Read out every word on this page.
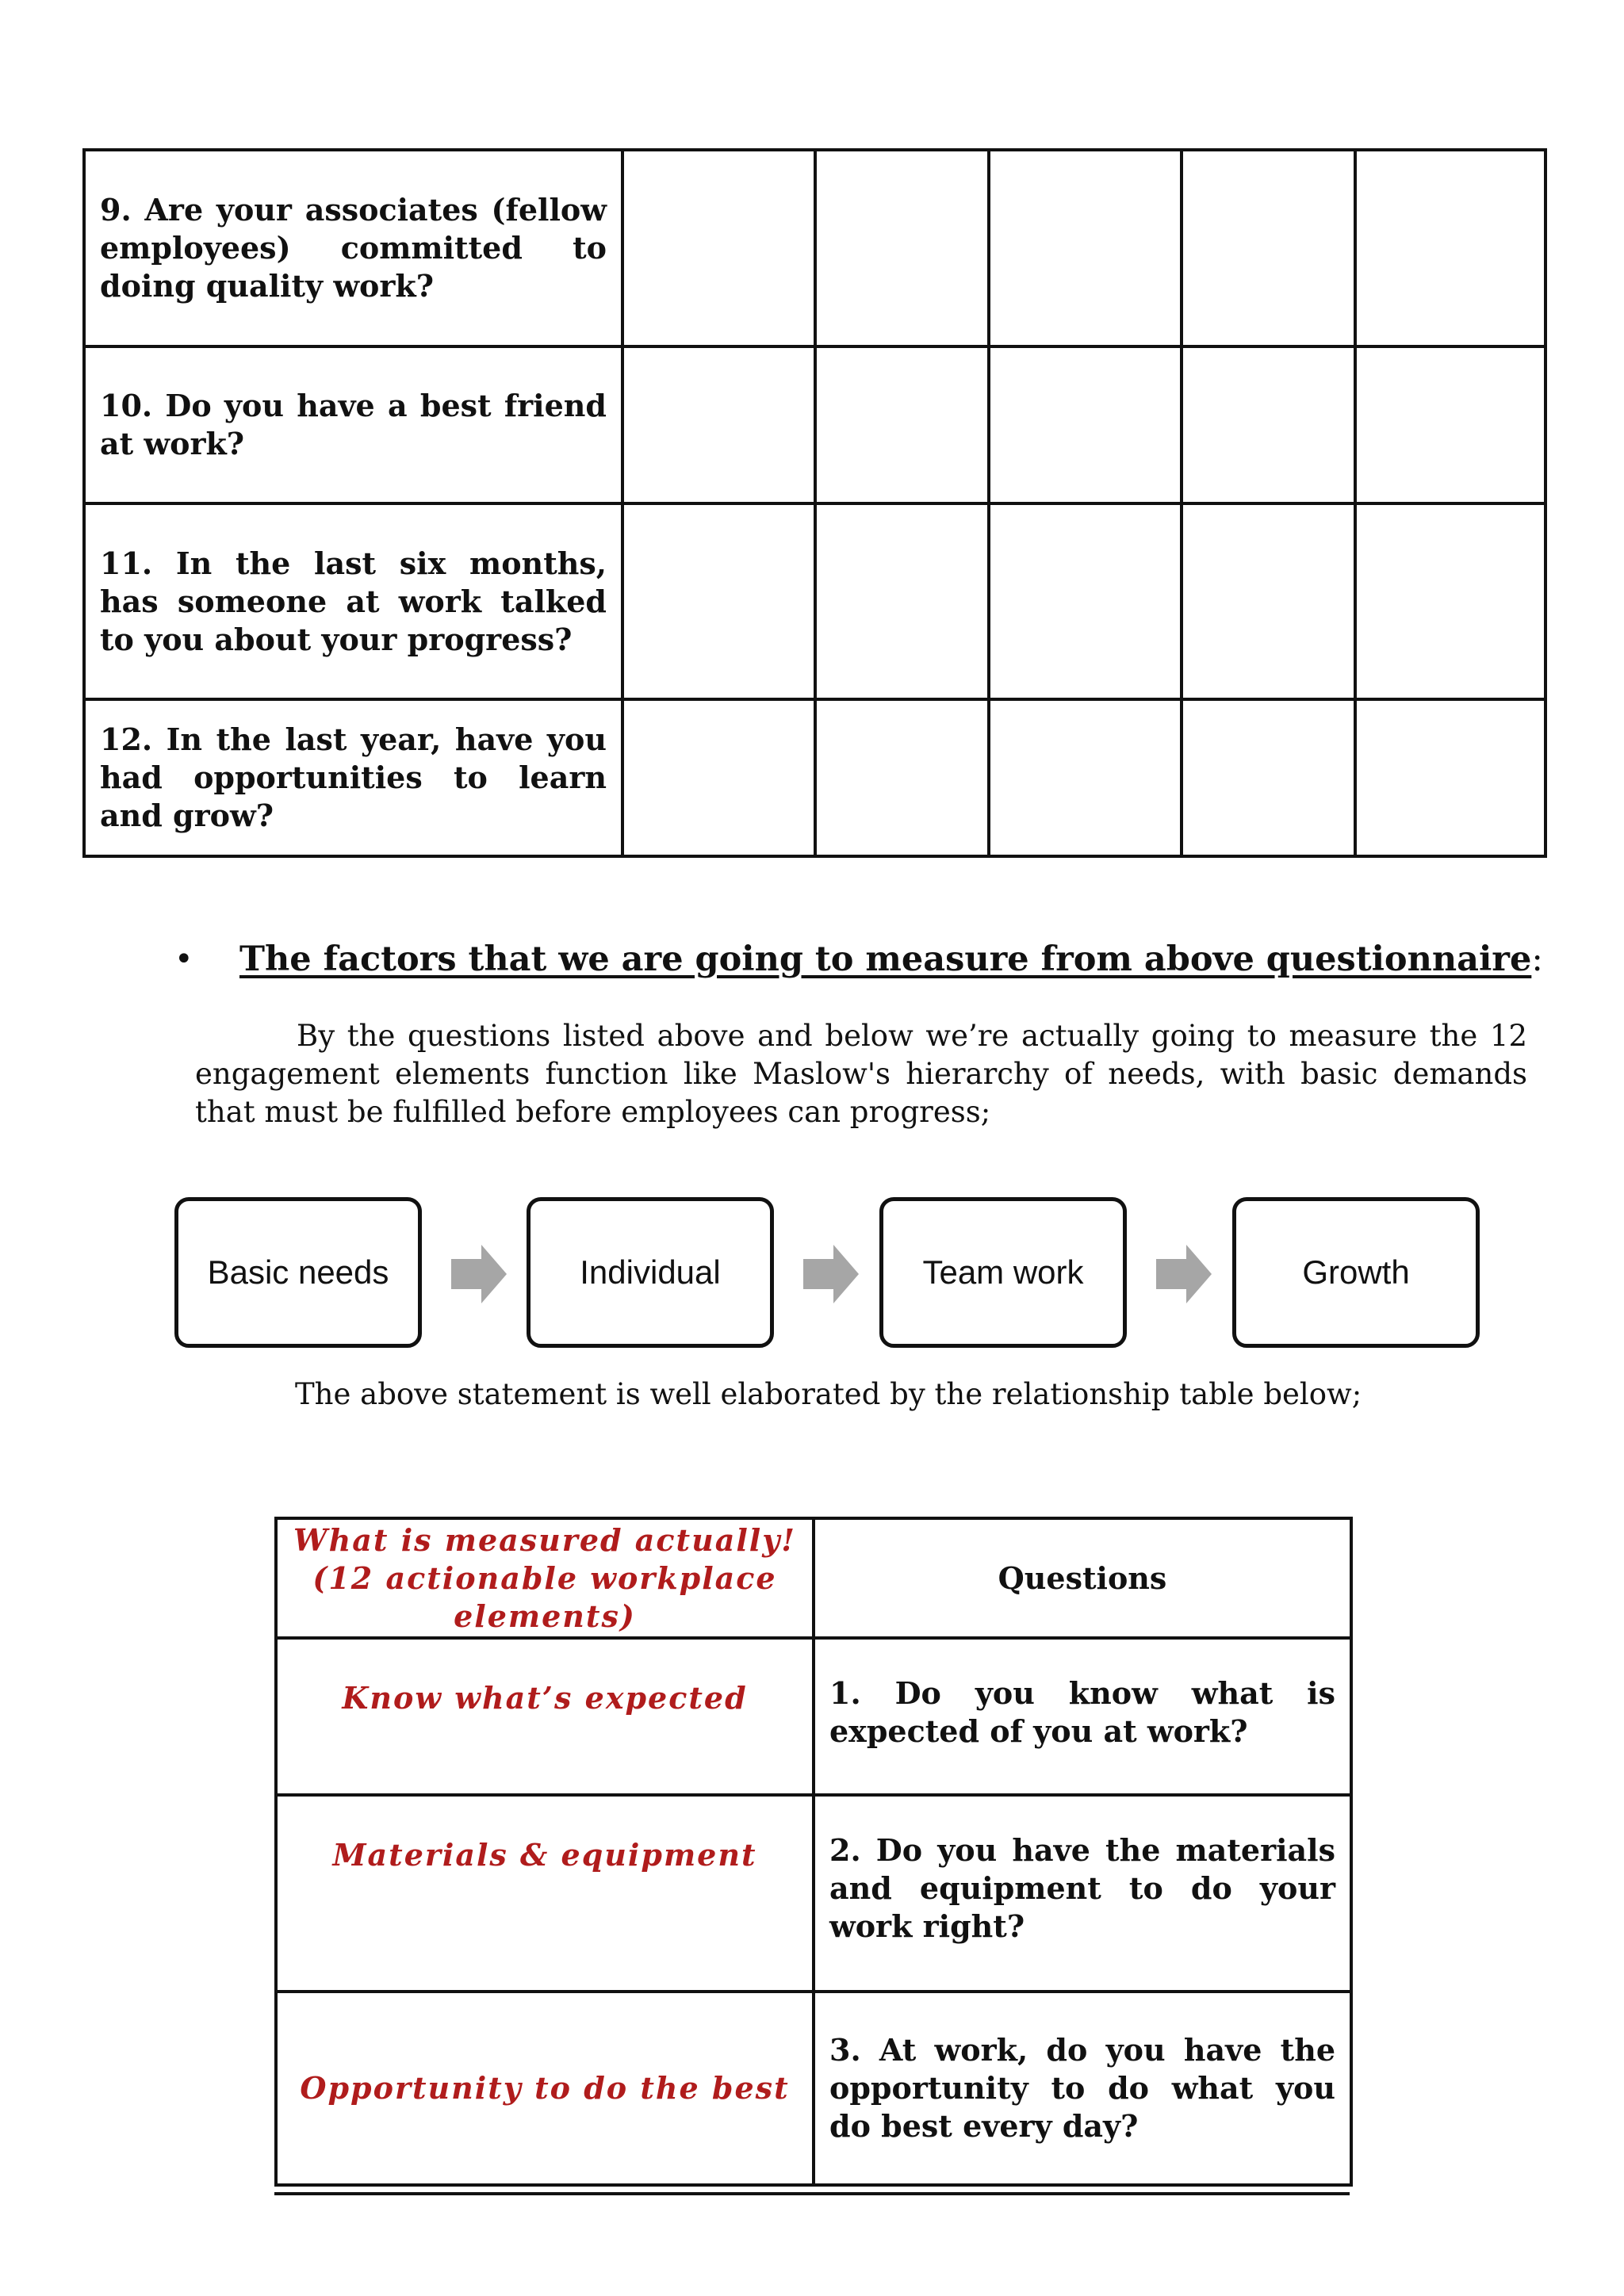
9. Are your associates (fellow employees) committed to doing quality work?					
10. Do you have a best friend at work?					
11. In the last six months, has someone at work talked to you about your progress?					
12. In the last year, have you had opportunities to learn and grow?					
• The factors that we are going to measure from above questionnaire:
By the questions listed above and below we’re actually going to measure the 12 engagement elements function like Maslow's hierarchy of needs, with basic demands that must be fulfilled before employees can progress;
Basic needs	Individual	Team work	Growth
The above statement is well elaborated by the relationship table below;
What is measured actually! (12 actionable workplace elements)	Questions
Know what’s expected	1. Do you know what is expected of you at work?
Materials & equipment	2. Do you have the materials and equipment to do your work right?
Opportunity to do the best	3. At work, do you have the opportunity to do what you do best every day?
